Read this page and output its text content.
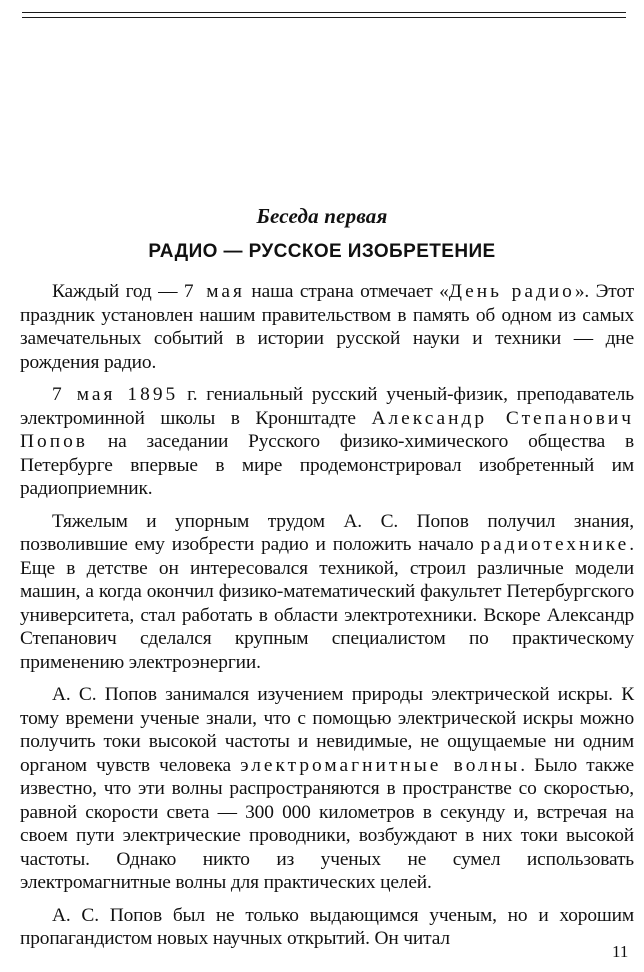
Беседа первая
РАДИО — РУССКОЕ ИЗОБРЕТЕНИЕ

Каждый год — 7 мая наша страна отмечает «День радио». Этот праздник установлен нашим правительством в память об одном из самых замечательных событий в истории русской науки и техники — дне рождения радио.

7 мая 1895 г. гениальный русский ученый-физик, преподаватель электроминной школы в Кронштадте Александр Степанович Попов на заседании Русского физико-химического общества в Петербурге впервые в мире продемонстрировал изобретенный им радиоприемник.

Тяжелым и упорным трудом А. С. Попов получил знания, позволившие ему изобрести радио и положить начало радиотехнике. Еще в детстве он интересовался техникой, строил различные модели машин, а когда окончил физико-математический факультет Петербургского университета, стал работать в области электротехники. Вскоре Александр Степанович сделался крупным специалистом по практическому применению электроэнергии.

А. С. Попов занимался изучением природы электрической искры. К тому времени ученые знали, что с помощью электрической искры можно получить токи высокой частоты и невидимые, не ощущаемые ни одним органом чувств человека электромагнитные волны. Было также известно, что эти волны распространяются в пространстве со скоростью, равной скорости света — 300 000 километров в секунду и, встречая на своем пути электрические проводники, возбуждают в них токи высокой частоты. Однако никто из ученых не сумел использовать электромагнитные волны для практических целей.

А. С. Попов был не только выдающимся ученым, но и хорошим пропагандистом новых научных открытий. Он читал

11
